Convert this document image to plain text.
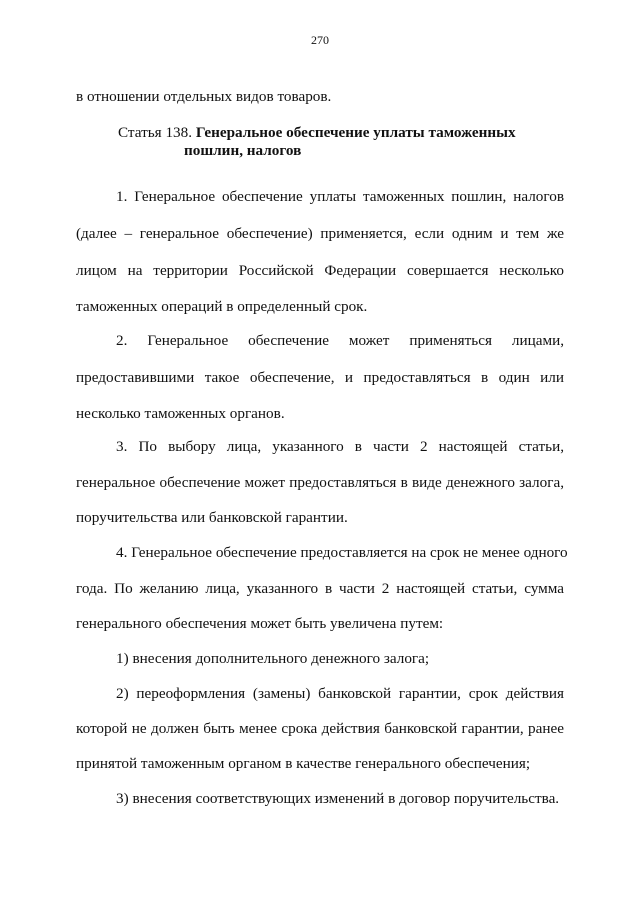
270
в отношении отдельных видов товаров.
Статья 138. Генеральное обеспечение уплаты таможенных
пошлин, налогов
1. Генеральное обеспечение уплаты таможенных пошлин, налогов
(далее – генеральное обеспечение) применяется, если одним и тем же
лицом на территории Российской Федерации совершается несколько
таможенных операций в определенный срок.
2. Генеральное обеспечение может применяться лицами,
предоставившими такое обеспечение, и предоставляться в один или
несколько таможенных органов.
3. По выбору лица, указанного в части 2 настоящей статьи,
генеральное обеспечение может предоставляться в виде денежного залога,
поручительства или банковской гарантии.
4. Генеральное обеспечение предоставляется на срок не менее одного
года. По желанию лица, указанного в части 2 настоящей статьи, сумма
генерального обеспечения может быть увеличена путем:
1) внесения дополнительного денежного залога;
2) переоформления (замены) банковской гарантии, срок действия
которой не должен быть менее срока действия банковской гарантии, ранее
принятой таможенным органом в качестве генерального обеспечения;
3) внесения соответствующих изменений в договор поручительства.
